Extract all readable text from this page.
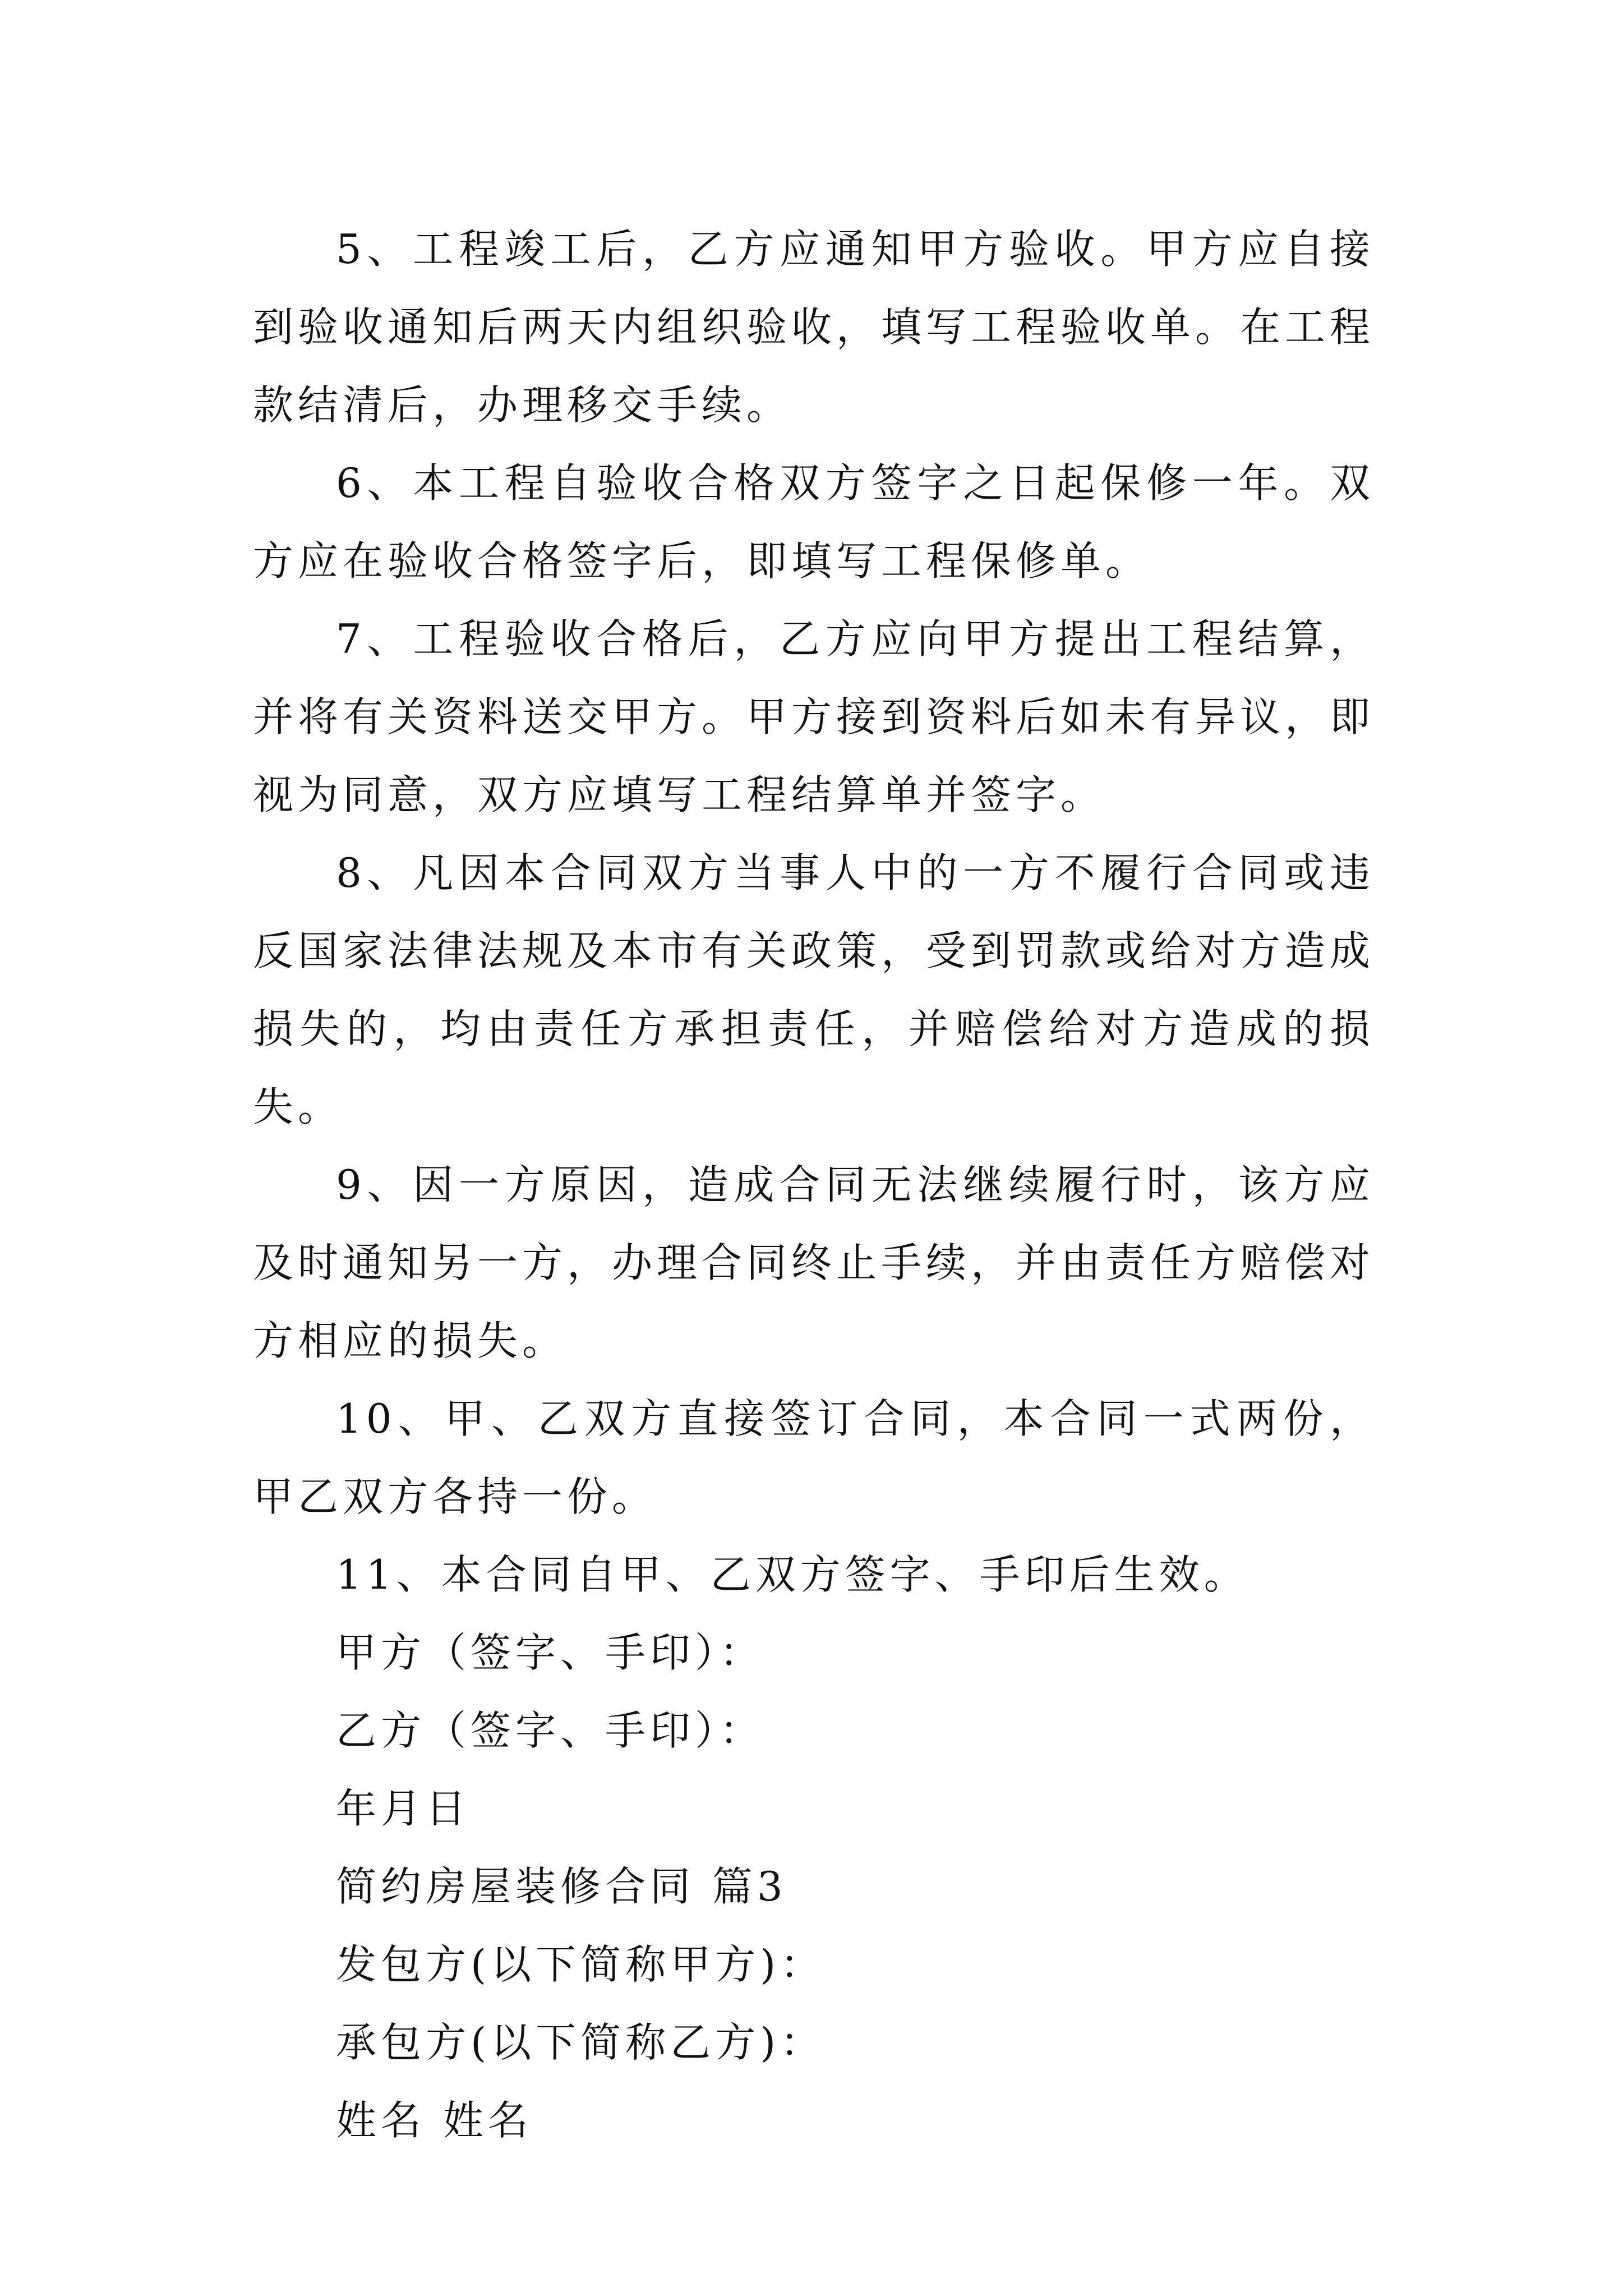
5、工程竣工后，乙方应通知甲方验收。甲方应自接到验收通知后两天内组织验收，填写工程验收单。在工程款结清后，办理移交手续。

6、本工程自验收合格双方签字之日起保修一年。双方应在验收合格签字后，即填写工程保修单。

7、工程验收合格后，乙方应向甲方提出工程结算，并将有关资料送交甲方。甲方接到资料后如未有异议，即视为同意，双方应填写工程结算单并签字。

8、凡因本合同双方当事人中的一方不履行合同或违反国家法律法规及本市有关政策，受到罚款或给对方造成损失的，均由责任方承担责任，并赔偿给对方造成的损失。

9、因一方原因，造成合同无法继续履行时，该方应及时通知另一方，办理合同终止手续，并由责任方赔偿对方相应的损失。

10、甲、乙双方直接签订合同，本合同一式两份，甲乙双方各持一份。

11、本合同自甲、乙双方签字、手印后生效。

甲方（签字、手印）：

乙方（签字、手印）：

年月日

简约房屋装修合同 篇3

发包方(以下简称甲方)：

承包方(以下简称乙方)：

姓名 姓名
